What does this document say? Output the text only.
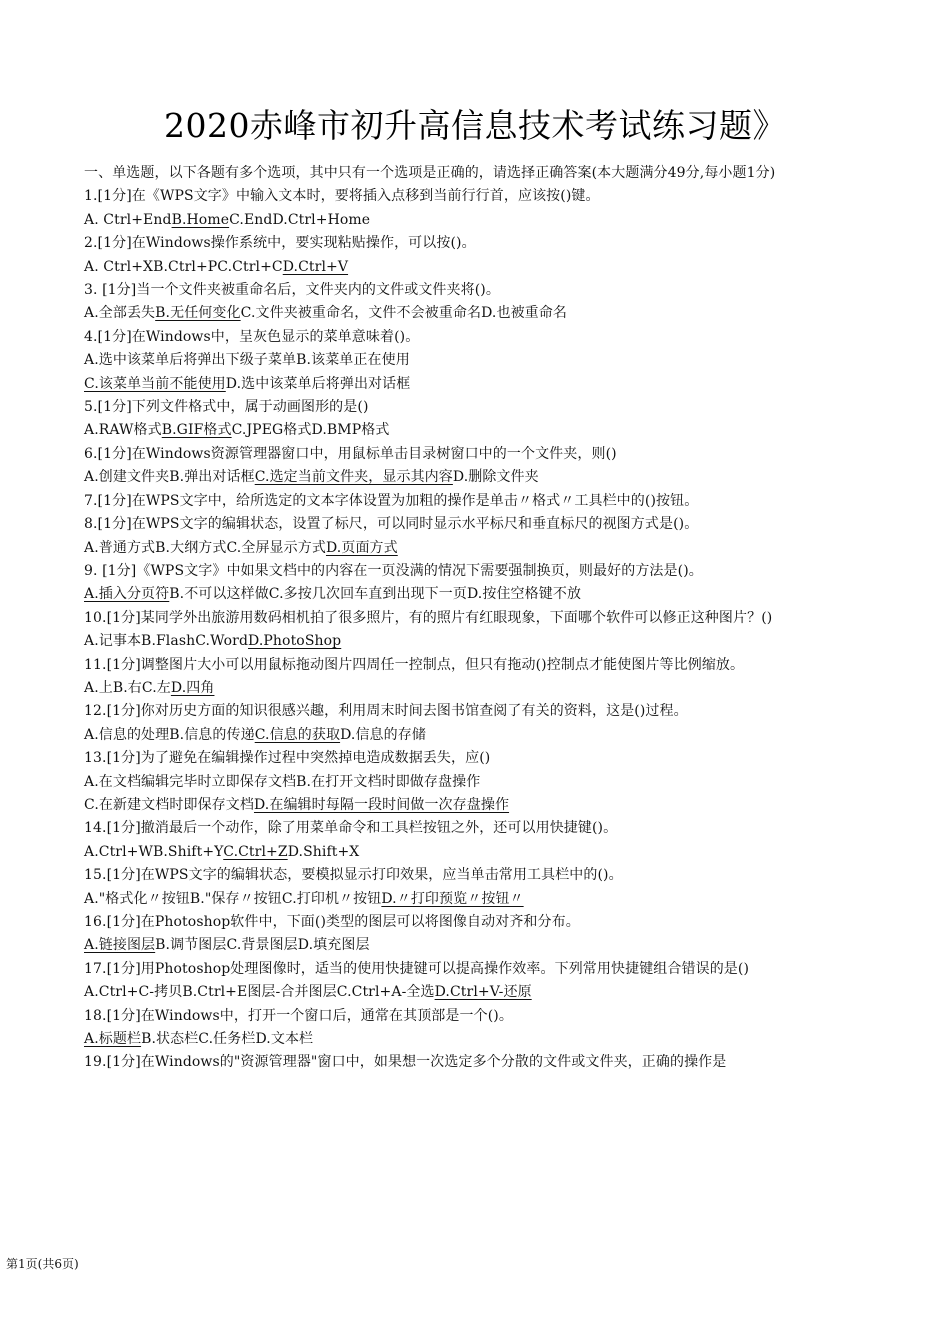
2020赤峰市初升高信息技术考试练习题》

一、单选题，以下各题有多个选项，其中只有一个选项是正确的，请选择正确答案(本大题满分49分,每小题1分)

1.[1分]在《WPS文字》中输入文本时，要将插入点移到当前行行首，应该按()键。

A. Ctrl+EndB.HomeC.EndD.Ctrl+Home

2.[1分]在Windows操作系统中，要实现粘贴操作，可以按()。

A. Ctrl+XB.Ctrl+PC.Ctrl+CD.Ctrl+V

3. [1分]当一个文件夹被重命名后，文件夹内的文件或文件夹将()。

A.全部丢失B.无任何变化C.文件夹被重命名，文件不会被重命名D.也被重命名

4.[1分]在Windows中，呈灰色显示的菜单意味着()。

A.选中该菜单后将弹出下级子菜单B.该菜单正在使用

C.该菜单当前不能使用D.选中该菜单后将弹出对话框

5.[1分]下列文件格式中，属于动画图形的是()

A.RAW格式B.GIF格式C.JPEG格式D.BMP格式

6.[1分]在Windows资源管理器窗口中，用鼠标单击目录树窗口中的一个文件夹，则()

A.创建文件夹B.弹出对话框C.选定当前文件夹，显示其内容D.删除文件夹

7.[1分]在WPS文字中，给所选定的文本字体设置为加粗的操作是单击〃格式〃工具栏中的()按钮。

8.[1分]在WPS文字的编辑状态，设置了标尺，可以同时显示水平标尺和垂直标尺的视图方式是()。

A.普通方式B.大纲方式C.全屏显示方式D.页面方式

9. [1分]《WPS文字》中如果文档中的内容在一页没满的情况下需要强制换页，则最好的方法是()。

A.插入分页符B.不可以这样做C.多按几次回车直到出现下一页D.按住空格键不放

10.[1分]某同学外出旅游用数码相机拍了很多照片，有的照片有红眼现象，下面哪个软件可以修正这种图片？()

A.记事本B.FlashC.WordD.PhotoShop

11.[1分]调整图片大小可以用鼠标拖动图片四周任一控制点，但只有拖动()控制点才能使图片等比例缩放。

A.上B.右C.左D.四角

12.[1分]你对历史方面的知识很感兴趣，利用周末时间去图书馆查阅了有关的资料，这是()过程。

A.信息的处理B.信息的传递C.信息的获取D.信息的存储

13.[1分]为了避免在编辑操作过程中突然掉电造成数据丢失，应()

A.在文档编辑完毕时立即保存文档B.在打开文档时即做存盘操作

C.在新建文档时即保存文档D.在编辑时每隔一段时间做一次存盘操作

14.[1分]撤消最后一个动作，除了用菜单命令和工具栏按钮之外，还可以用快捷键()。

A.Ctrl+WB.Shift+YC.Ctrl+ZD.Shift+X

15.[1分]在WPS文字的编辑状态，要模拟显示打印效果，应当单击常用工具栏中的()。

A."格式化〃按钮B."保存〃按钮C.打印机〃按钮D.〃打印预览〃按钮〃

16.[1分]在Photoshop软件中，下面()类型的图层可以将图像自动对齐和分布。

A.链接图层B.调节图层C.背景图层D.填充图层

17.[1分]用Photoshop处理图像时，适当的使用快捷键可以提高操作效率。下列常用快捷键组合错误的是()

A.Ctrl+C-拷贝B.Ctrl+E图层-合并图层C.Ctrl+A-全选D.Ctrl+V-还原

18.[1分]在Windows中，打开一个窗口后，通常在其顶部是一个()。

A.标题栏B.状态栏C.任务栏D.文本栏

19.[1分]在Windows的"资源管理器"窗口中，如果想一次选定多个分散的文件或文件夹，正确的操作是

第1页(共6页)
